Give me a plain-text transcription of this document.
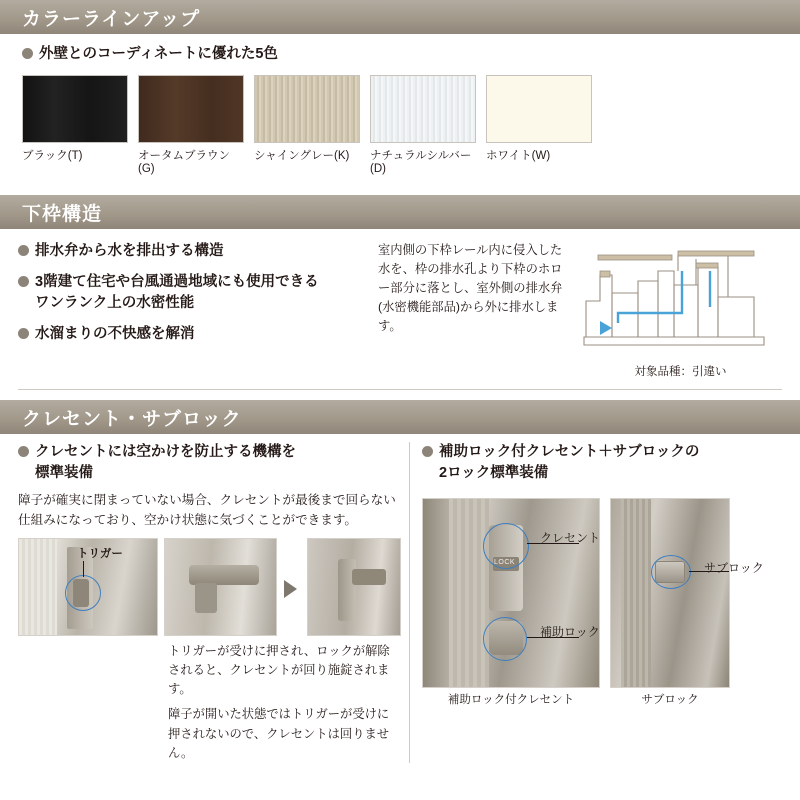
カラーラインアップ
外壁とのコーディネートに優れた5色
ブラック(T)	オータムブラウン(G)
シャイングレー(K)	ナチュラルシルバー(D)
ホワイト(W)
下枠構造
排水弁から水を排出する構造
3階建て住宅や台風通過地域にも使用できる
ワンランク上の水密性能
水溜まりの不快感を解消
室内側の下枠レール内に侵入した水を、枠の排水孔より下枠のホロー部分に落とし、室外側の排水弁(水密機能部品)から外に排水します。
対象品種：引違い
クレセント・サブロック
クレセントには空かけを防止する機構を
標準装備
障子が確実に閉まっていない場合、クレセントが最後まで回らない仕組みになっており、空かけ状態に気づくことができます。
トリガー
トリガーが受けに押され、ロックが解除されると、クレセントが回り施錠されます。
障子が開いた状態ではトリガーが受けに押されないので、クレセントは回りません。
補助ロック付クレセント＋サブロックの
2ロック標準装備
LOCK
補助ロック付クレセント	サブロック
クレセント
補助ロック
サブロック
